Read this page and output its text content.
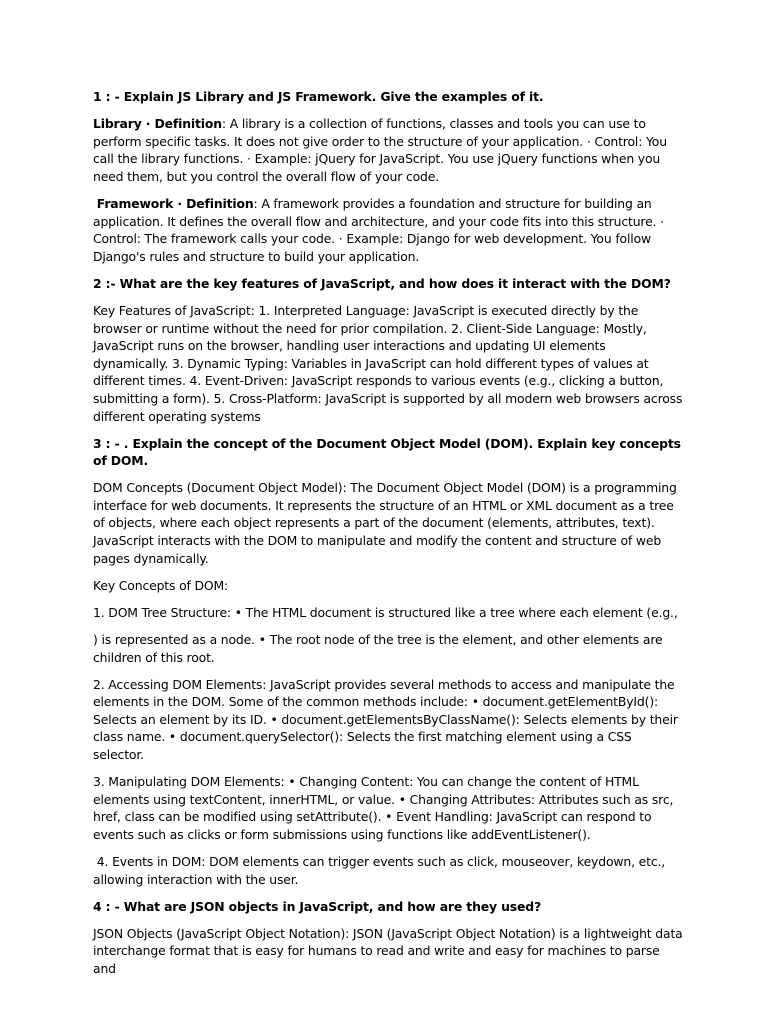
1 : - Explain JS Library and JS Framework. Give the examples of it.

Library · Definition: A library is a collection of functions, classes and tools you can use to perform specific tasks. It does not give order to the structure of your application. · Control: You call the library functions. · Example: jQuery for JavaScript. You use jQuery functions when you need them, but you control the overall flow of your code.

Framework · Definition: A framework provides a foundation and structure for building an application. It defines the overall flow and architecture, and your code fits into this structure. · Control: The framework calls your code. · Example: Django for web development. You follow Django's rules and structure to build your application.

2 :- What are the key features of JavaScript, and how does it interact with the DOM?

Key Features of JavaScript: 1. Interpreted Language: JavaScript is executed directly by the browser or runtime without the need for prior compilation. 2. Client-Side Language: Mostly, JavaScript runs on the browser, handling user interactions and updating UI elements dynamically. 3. Dynamic Typing: Variables in JavaScript can hold different types of values at different times. 4. Event-Driven: JavaScript responds to various events (e.g., clicking a button, submitting a form). 5. Cross-Platform: JavaScript is supported by all modern web browsers across different operating systems

3 : - . Explain the concept of the Document Object Model (DOM). Explain key concepts of DOM.

DOM Concepts (Document Object Model): The Document Object Model (DOM) is a programming interface for web documents. It represents the structure of an HTML or XML document as a tree of objects, where each object represents a part of the document (elements, attributes, text). JavaScript interacts with the DOM to manipulate and modify the content and structure of web pages dynamically.

Key Concepts of DOM:

1. DOM Tree Structure: • The HTML document is structured like a tree where each element (e.g.,

) is represented as a node. • The root node of the tree is the element, and other elements are children of this root.

2. Accessing DOM Elements: JavaScript provides several methods to access and manipulate the elements in the DOM. Some of the common methods include: • document.getElementById(): Selects an element by its ID. • document.getElementsByClassName(): Selects elements by their class name. • document.querySelector(): Selects the first matching element using a CSS selector.

3. Manipulating DOM Elements: • Changing Content: You can change the content of HTML elements using textContent, innerHTML, or value. • Changing Attributes: Attributes such as src, href, class can be modified using setAttribute(). • Event Handling: JavaScript can respond to events such as clicks or form submissions using functions like addEventListener().

4. Events in DOM: DOM elements can trigger events such as click, mouseover, keydown, etc., allowing interaction with the user.

4 : - What are JSON objects in JavaScript, and how are they used?

JSON Objects (JavaScript Object Notation): JSON (JavaScript Object Notation) is a lightweight data interchange format that is easy for humans to read and write and easy for machines to parse and
